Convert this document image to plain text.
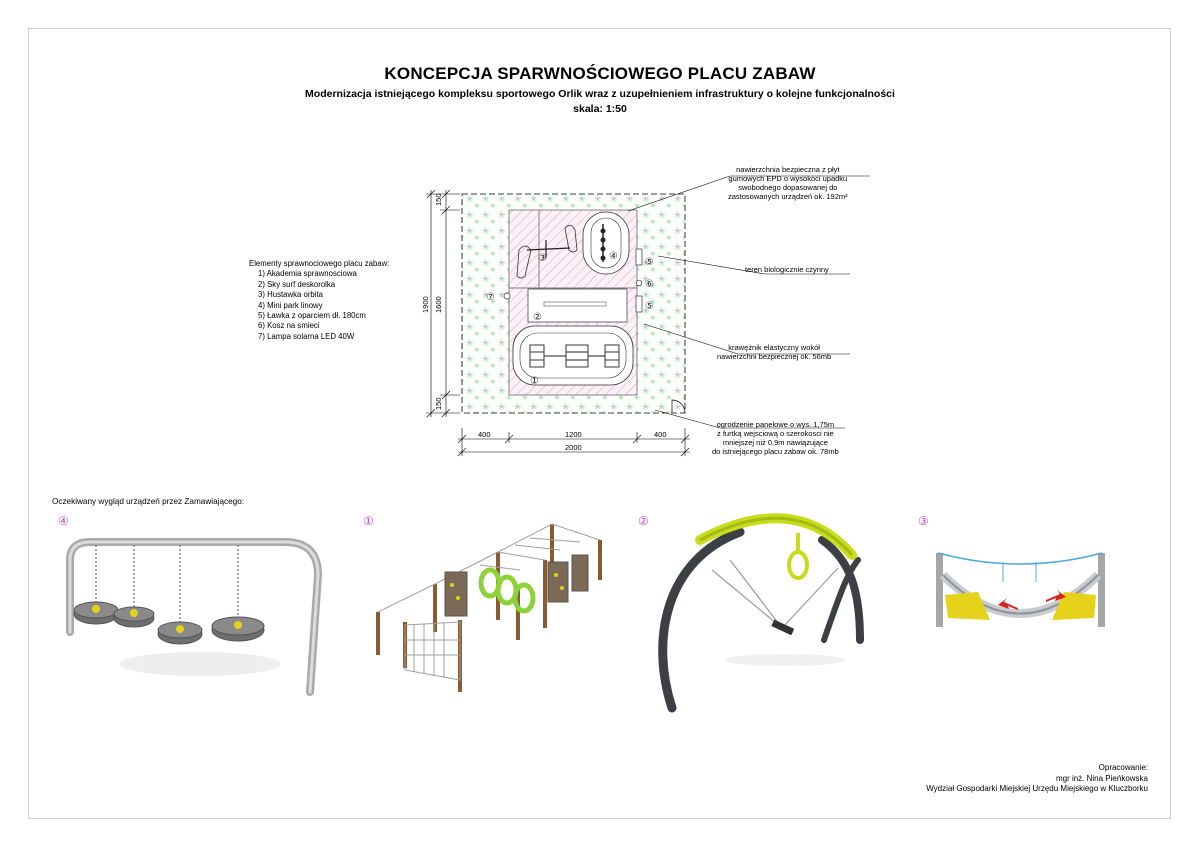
KONCEPCJA SPARWNOŚCIOWEGO PLACU ZABAW
Modernizacja istniejącego kompleksu sportowego Orlik wraz z uzupełnieniem infrastruktury o kolejne funkcjonalności
skala: 1:50
Elementy sprawnociowego placu zabaw:
1) Akademia sprawnosciowa
2) Sky surf deskorolka
3) Hustawka orbita
4) Mini park linowy
5) Ławka z oparciem dł. 180cm
6) Kosz na smieci
7) Lampa solarna LED 40W
150
150
1900 1600
400	1200	400
2000
①
②
③	④
⑤
⑤
⑥
⑦
nawierzchnia bezpieczna z płyt
gumowych EPD o wysokoci upadku
swobodnego dopasowanej do
zastosowanych urządzeń ok. 192m²
teren biologicznie czynny
krawężnik elastyczny wokół
nawierzchni bezpiecznej ok. 56mb
ogrodzenie panelowe o wys. 1,75m
z furtką wejsciową o szerokosci nie
mniejszej niż 0,9m nawiązujące
do istniejącego placu zabaw ok. 78mb
Oczekiwany wygląd urządzeń przez Zamawiającego:
④	①	②	③
Opracowanie:
mgr inż. Nina Pieńkowska
Wydział Gospodarki Miejskiej Urzędu Miejskiego w Kluczborku
